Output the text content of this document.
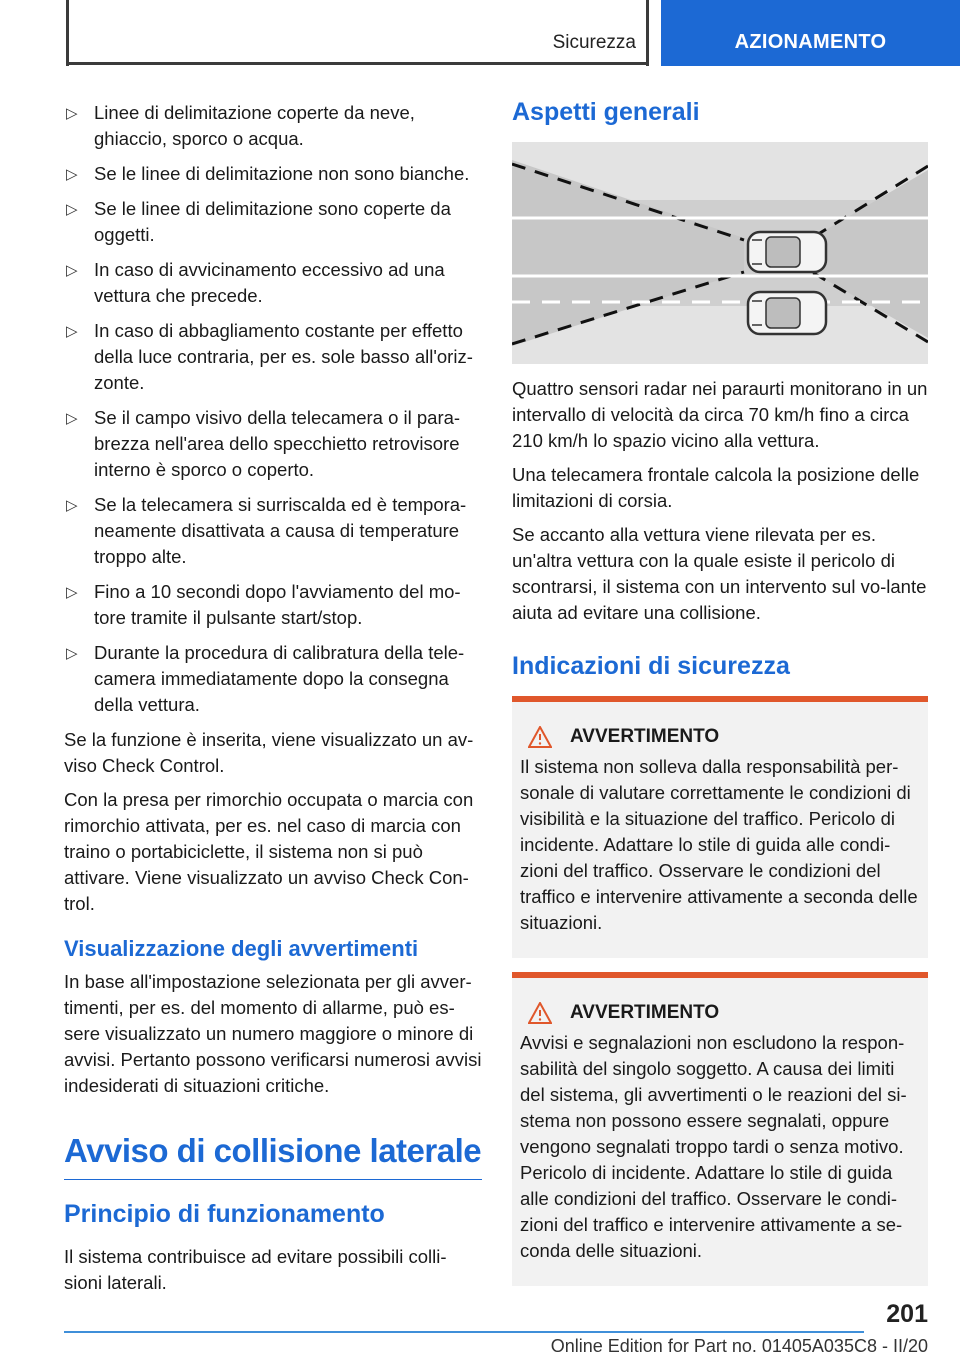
Sicurezza	AZIONAMENTO
▷ Linee di delimitazione coperte da neve, ghiaccio, sporco o acqua.
▷ Se le linee di delimitazione non sono bianche.
▷ Se le linee di delimitazione sono coperte da oggetti.
▷ In caso di avvicinamento eccessivo ad una vettura che precede.
▷ In caso di abbagliamento costante per effetto della luce contraria, per es. sole basso all'oriz-zonte.
▷ Se il campo visivo della telecamera o il para-brezza nell'area dello specchietto retrovisore interno è sporco o coperto.
▷ Se la telecamera si surriscalda ed è tempora-neamente disattivata a causa di temperature troppo alte.
▷ Fino a 10 secondi dopo l'avviamento del mo-tore tramite il pulsante start/stop.
▷ Durante la procedura di calibratura della tele-camera immediatamente dopo la consegna della vettura.

Se la funzione è inserita, viene visualizzato un av-viso Check Control.

Con la presa per rimorchio occupata o marcia con rimorchio attivata, per es. nel caso di marcia con traino o portabiciclette, il sistema non si può attivare. Viene visualizzato un avviso Check Con-trol.

Visualizzazione degli avvertimenti

In base all'impostazione selezionata per gli avver-timenti, per es. del momento di allarme, può es-sere visualizzato un numero maggiore o minore di avvisi. Pertanto possono verificarsi numerosi avvisi indesiderati di situazioni critiche.

Avviso di collisione laterale
Principio di funzionamento

Il sistema contribuisce ad evitare possibili colli-sioni laterali.

Aspetti generali

Quattro sensori radar nei paraurti monitorano in un intervallo di velocità da circa 70 km/h fino a circa 210 km/h lo spazio vicino alla vettura.

Una telecamera frontale calcola la posizione delle limitazioni di corsia.

Se accanto alla vettura viene rilevata per es. un'altra vettura con la quale esiste il pericolo di scontrarsi, il sistema con un intervento sul vo-lante aiuta ad evitare una collisione.

Indicazioni di sicurezza
AVVERTIMENTO

Il sistema non solleva dalla responsabilità per-sonale di valutare correttamente le condizioni di visibilità e la situazione del traffico. Pericolo di incidente. Adattare lo stile di guida alle condi-zioni del traffico. Osservare le condizioni del traffico e intervenire attivamente a seconda delle situazioni.

AVVERTIMENTO

Avvisi e segnalazioni non escludono la respon-sabilità del singolo soggetto. A causa dei limiti del sistema, gli avvertimenti o le reazioni del si-stema non possono essere segnalati, oppure vengono segnalati troppo tardi o senza motivo. Pericolo di incidente. Adattare lo stile di guida alle condizioni del traffico. Osservare le condi-zioni del traffico e intervenire attivamente a se-conda delle situazioni.

201
Online Edition for Part no. 01405A035C8 - II/20
